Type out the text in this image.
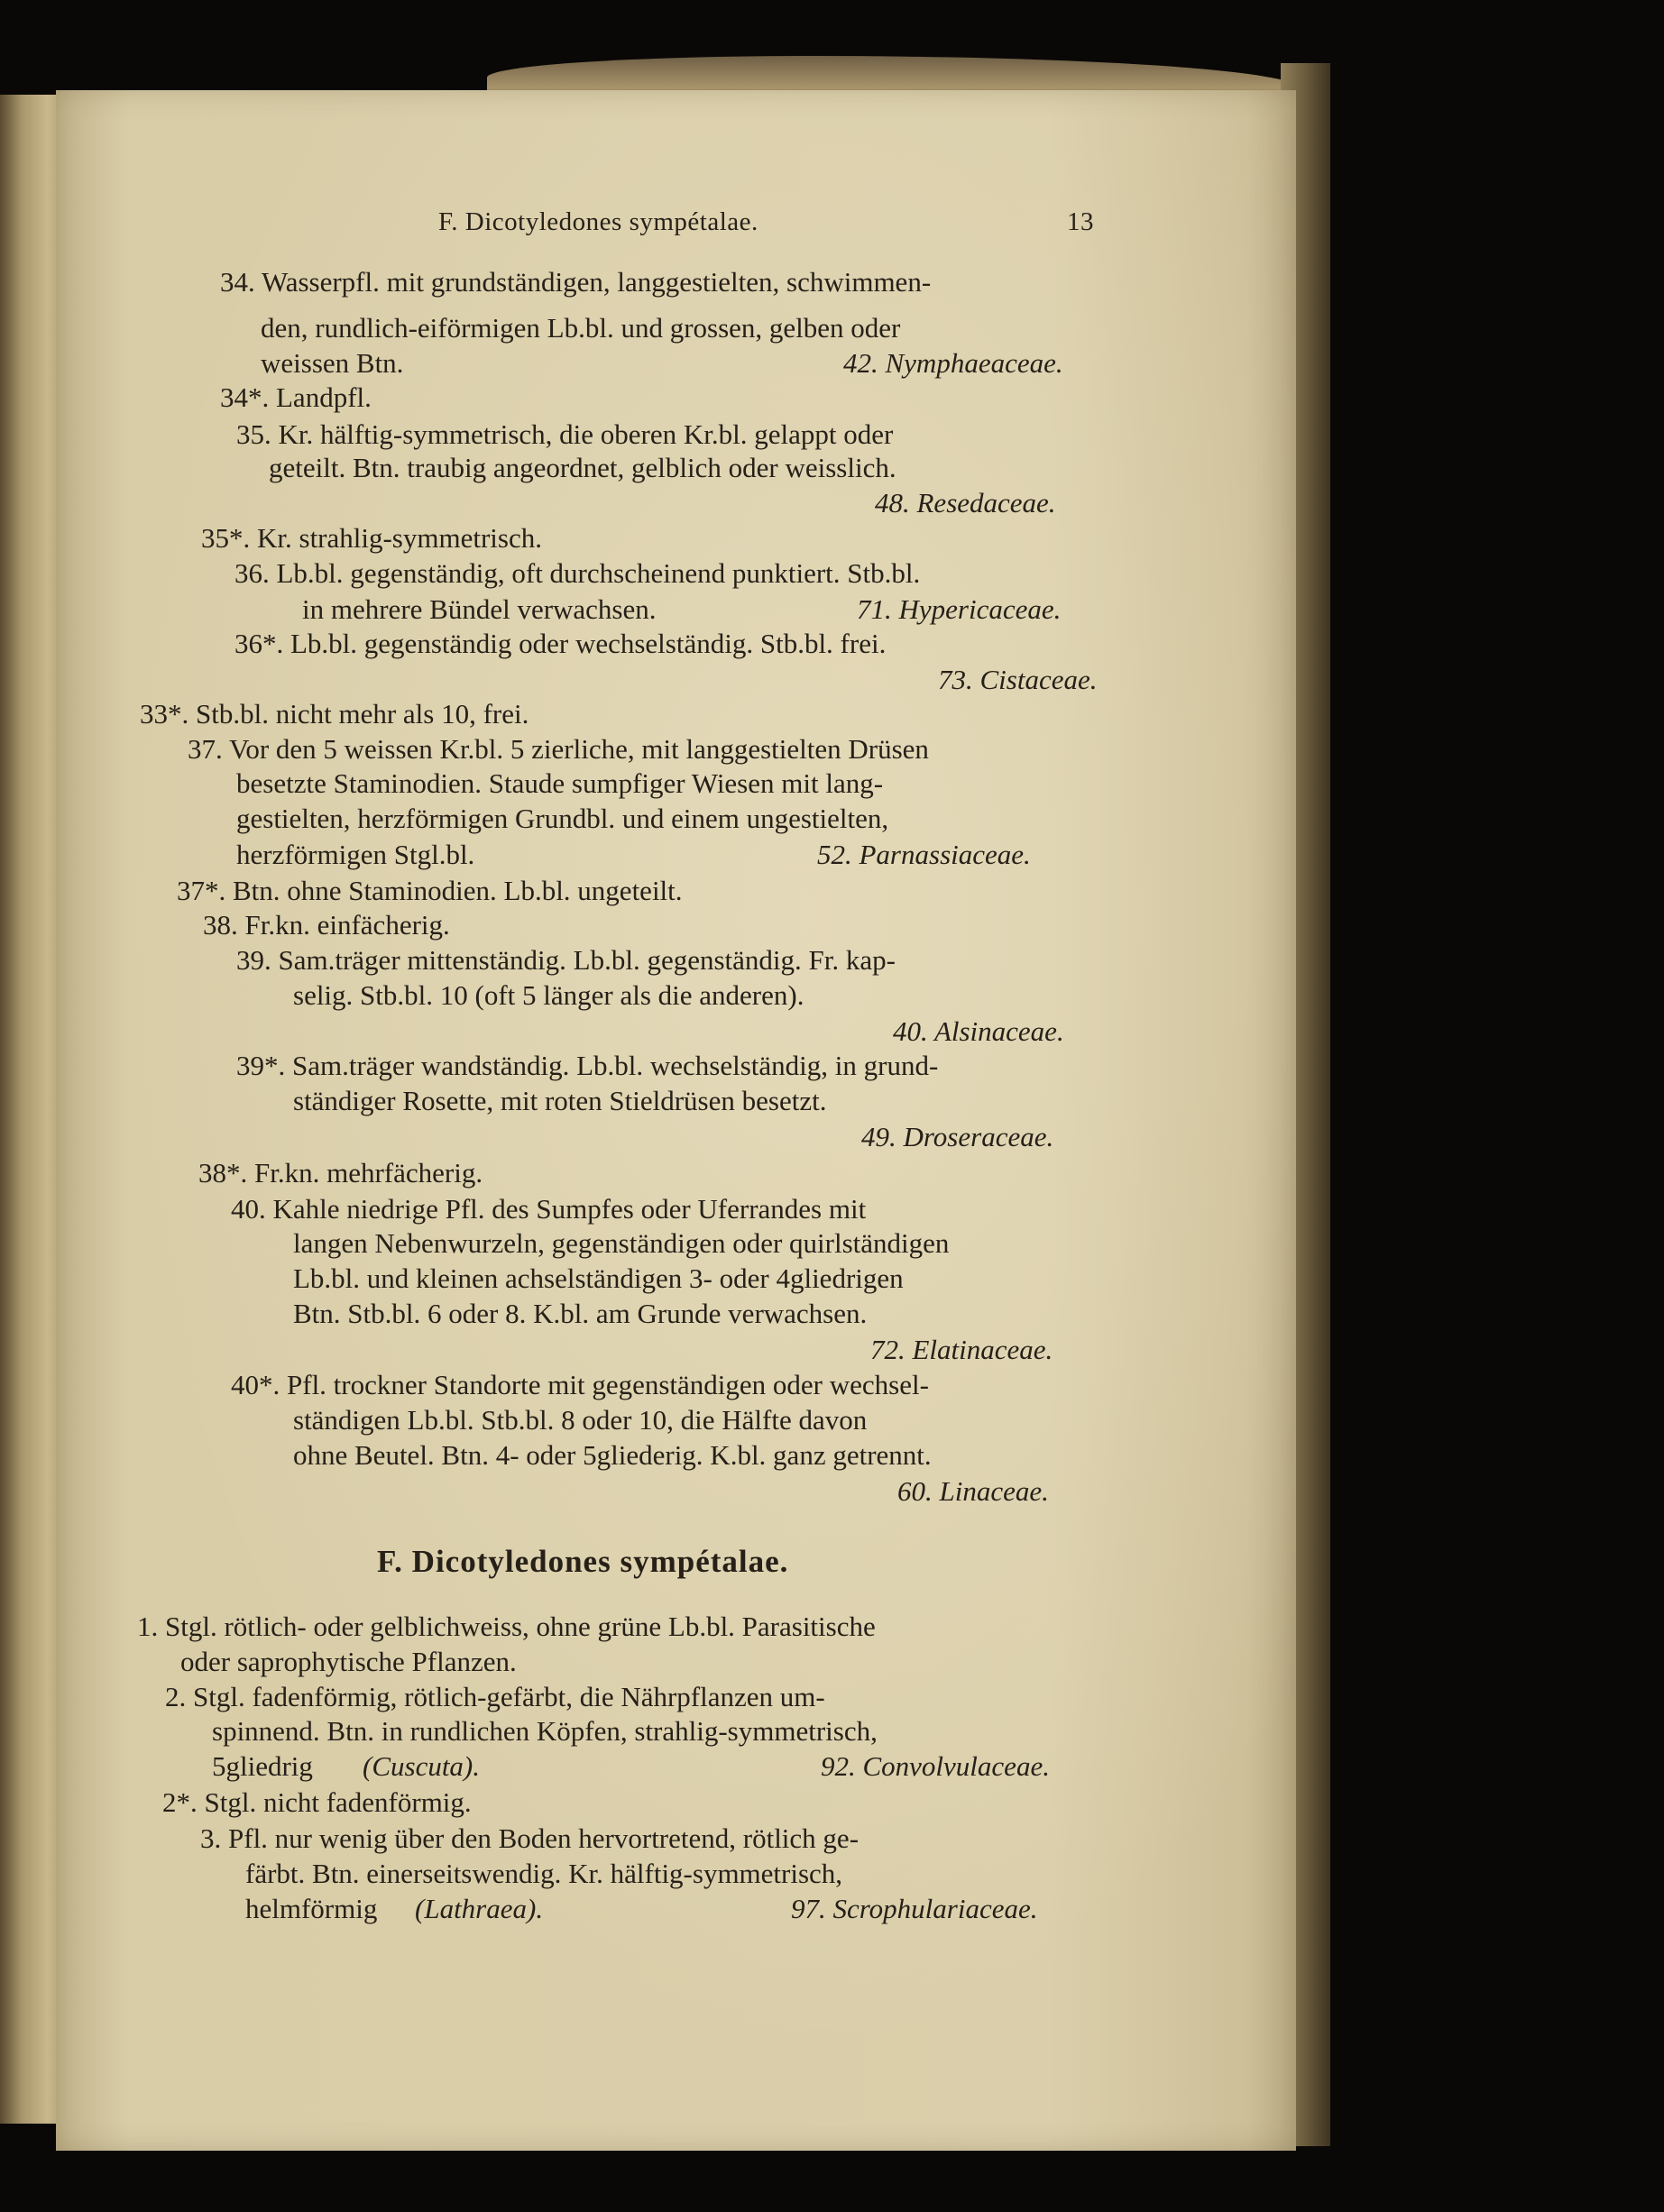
F. Dicotyledones sympétalae.	13
34. Wasserpfl. mit grundständigen, langgestielten, schwimmen-
den, rundlich-eiförmigen Lb.bl. und grossen, gelben oder
weissen Btn.	42. Nymphaeaceae.
34*. Landpfl.
35. Kr. hälftig-symmetrisch, die oberen Kr.bl. gelappt oder
geteilt. Btn. traubig angeordnet, gelblich oder weisslich.
48. Resedaceae.
35*. Kr. strahlig-symmetrisch.
36. Lb.bl. gegenständig, oft durchscheinend punktiert. Stb.bl.
in mehrere Bündel verwachsen.	71. Hypericaceae.
36*. Lb.bl. gegenständig oder wechselständig. Stb.bl. frei.
73. Cistaceae.
33*. Stb.bl. nicht mehr als 10, frei.
37. Vor den 5 weissen Kr.bl. 5 zierliche, mit langgestielten Drüsen
besetzte Staminodien. Staude sumpfiger Wiesen mit lang-
gestielten, herzförmigen Grundbl. und einem ungestielten,
herzförmigen Stgl.bl.	52. Parnassiaceae.
37*. Btn. ohne Staminodien. Lb.bl. ungeteilt.
38. Fr.kn. einfächerig.
39. Sam.träger mittenständig. Lb.bl. gegenständig. Fr. kap-
selig. Stb.bl. 10 (oft 5 länger als die anderen).
40. Alsinaceae.
39*. Sam.träger wandständig. Lb.bl. wechselständig, in grund-
ständiger Rosette, mit roten Stieldrüsen besetzt.
49. Droseraceae.
38*. Fr.kn. mehrfächerig.
40. Kahle niedrige Pfl. des Sumpfes oder Uferrandes mit
langen Nebenwurzeln, gegenständigen oder quirlständigen
Lb.bl. und kleinen achselständigen 3- oder 4gliedrigen
Btn. Stb.bl. 6 oder 8. K.bl. am Grunde verwachsen.
72. Elatinaceae.
40*. Pfl. trockner Standorte mit gegenständigen oder wechsel-
ständigen Lb.bl. Stb.bl. 8 oder 10, die Hälfte davon
ohne Beutel. Btn. 4- oder 5gliederig. K.bl. ganz getrennt.
60. Linaceae.
F. Dicotyledones sympétalae.
1. Stgl. rötlich- oder gelblichweiss, ohne grüne Lb.bl. Parasitische
oder saprophytische Pflanzen.
2. Stgl. fadenförmig, rötlich-gefärbt, die Nährpflanzen um-
spinnend. Btn. in rundlichen Köpfen, strahlig-symmetrisch,
5gliedrig (Cuscuta).	92. Convolvulaceae.
2*. Stgl. nicht fadenförmig.
3. Pfl. nur wenig über den Boden hervortretend, rötlich ge-
färbt. Btn. einerseitswendig. Kr. hälftig-symmetrisch,
helmförmig (Lathraea).	97. Scrophulariaceae.
